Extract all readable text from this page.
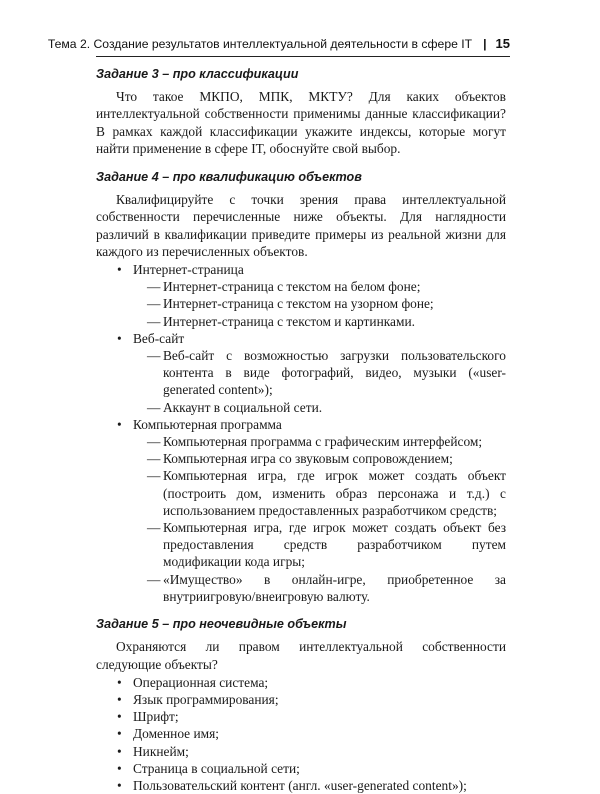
Тема 2. Создание результатов интеллектуальной деятельности в сфере IT | 15
Задание 3 – про классификации

Что такое МКПО, МПК, МКТУ? Для каких объектов интеллектуальной собственности применимы данные классификации? В рамках каждой классификации укажите индексы, которые могут найти применение в сфере IT, обоснуйте свой выбор.

Задание 4 – про квалификацию объектов

Квалифицируйте с точки зрения права интеллектуальной собственности перечисленные ниже объекты. Для наглядности различий в квалификации приведите примеры из реальной жизни для каждого из перечисленных объектов.

• Интернет-страница
— Интернет-страница с текстом на белом фоне;
— Интернет-страница с текстом на узорном фоне;
— Интернет-страница с текстом и картинками.
• Веб-сайт
— Веб-сайт с возможностью загрузки пользовательского контента в виде фотографий, видео, музыки («user-generated content»);
— Аккаунт в социальной сети.
• Компьютерная программа
— Компьютерная программа с графическим интерфейсом;
— Компьютерная игра со звуковым сопровождением;
— Компьютерная игра, где игрок может создать объект (построить дом, изменить образ персонажа и т.д.) с использованием предоставленных разработчиком средств;
— Компьютерная игра, где игрок может создать объект без предоставления средств разработчиком путем модификации кода игры;
— «Имущество» в онлайн-игре, приобретенное за внутриигровую/внеигровую валюту.
Задание 5 – про неочевидные объекты

Охраняются ли правом интеллектуальной собственности следующие объекты?

• Операционная система;
• Язык программирования;
• Шрифт;
• Доменное имя;
• Никнейм;
• Страница в социальной сети;
• Пользовательский контент (англ. «user-generated content»);
